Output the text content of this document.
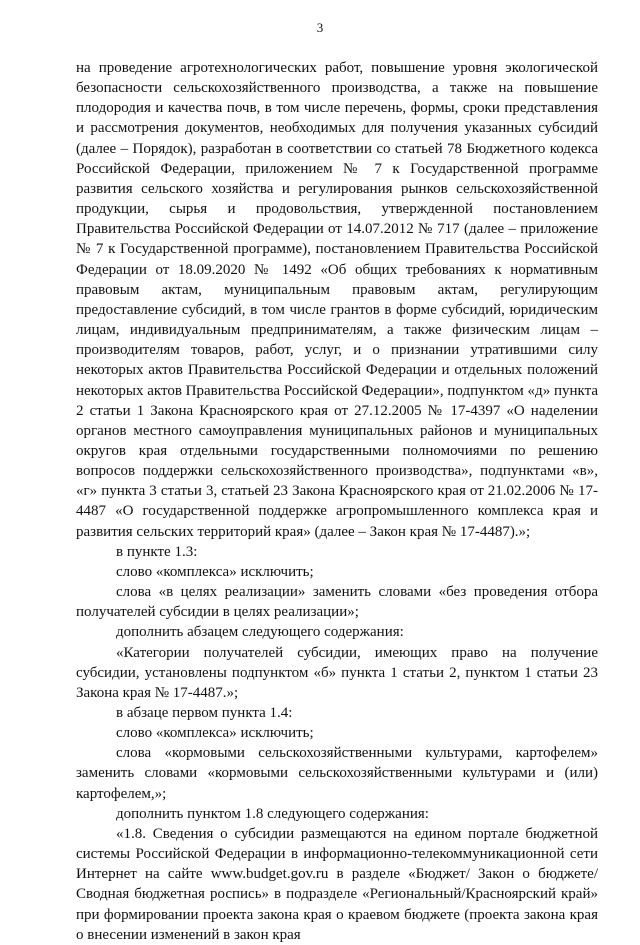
3

на проведение агротехнологических работ, повышение уровня экологической безопасности сельскохозяйственного производства, а также на повышение плодородия и качества почв, в том числе перечень, формы, сроки представления и рассмотрения документов, необходимых для получения указанных субсидий (далее – Порядок), разработан в соответствии со статьей 78 Бюджетного кодекса Российской Федерации, приложением № 7 к Государственной программе развития сельского хозяйства и регулирования рынков сельскохозяйственной продукции, сырья и продовольствия, утвержденной постановлением Правительства Российской Федерации от 14.07.2012 № 717 (далее – приложение № 7 к Государственной программе), постановлением Правительства Российской Федерации от 18.09.2020 № 1492 «Об общих требованиях к нормативным правовым актам, муниципальным правовым актам, регулирующим предоставление субсидий, в том числе грантов в форме субсидий, юридическим лицам, индивидуальным предпринимателям, а также физическим лицам – производителям товаров, работ, услуг, и о признании утратившими силу некоторых актов Правительства Российской Федерации и отдельных положений некоторых актов Правительства Российской Федерации», подпунктом «д» пункта 2 статьи 1 Закона Красноярского края от 27.12.2005 № 17-4397 «О наделении органов местного самоуправления муниципальных районов и муниципальных округов края отдельными государственными полномочиями по решению вопросов поддержки сельскохозяйственного производства», подпунктами «в», «г» пункта 3 статьи 3, статьей 23 Закона Красноярского края от 21.02.2006 № 17-4487 «О государственной поддержке агропромышленного комплекса края и развития сельских территорий края» (далее – Закон края № 17-4487).»;

в пункте 1.3:

слово «комплекса» исключить;

слова «в целях реализации» заменить словами «без проведения отбора получателей субсидии в целях реализации»;

дополнить абзацем следующего содержания:

«Категории получателей субсидии, имеющих право на получение субсидии, установлены подпунктом «б» пункта 1 статьи 2, пунктом 1 статьи 23 Закона края № 17-4487.»;

в абзаце первом пункта 1.4:

слово «комплекса» исключить;

слова «кормовыми сельскохозяйственными культурами, картофелем» заменить словами «кормовыми сельскохозяйственными культурами и (или) картофелем,»;

дополнить пунктом 1.8 следующего содержания:

«1.8. Сведения о субсидии размещаются на едином портале бюджетной системы Российской Федерации в информационно-телекоммуникационной сети Интернет на сайте www.budget.gov.ru в разделе «Бюджет/ Закон о бюджете/Сводная бюджетная роспись» в подразделе «Региональный/Красноярский край» при формировании проекта закона края о краевом бюджете (проекта закона края о внесении изменений в закон края
